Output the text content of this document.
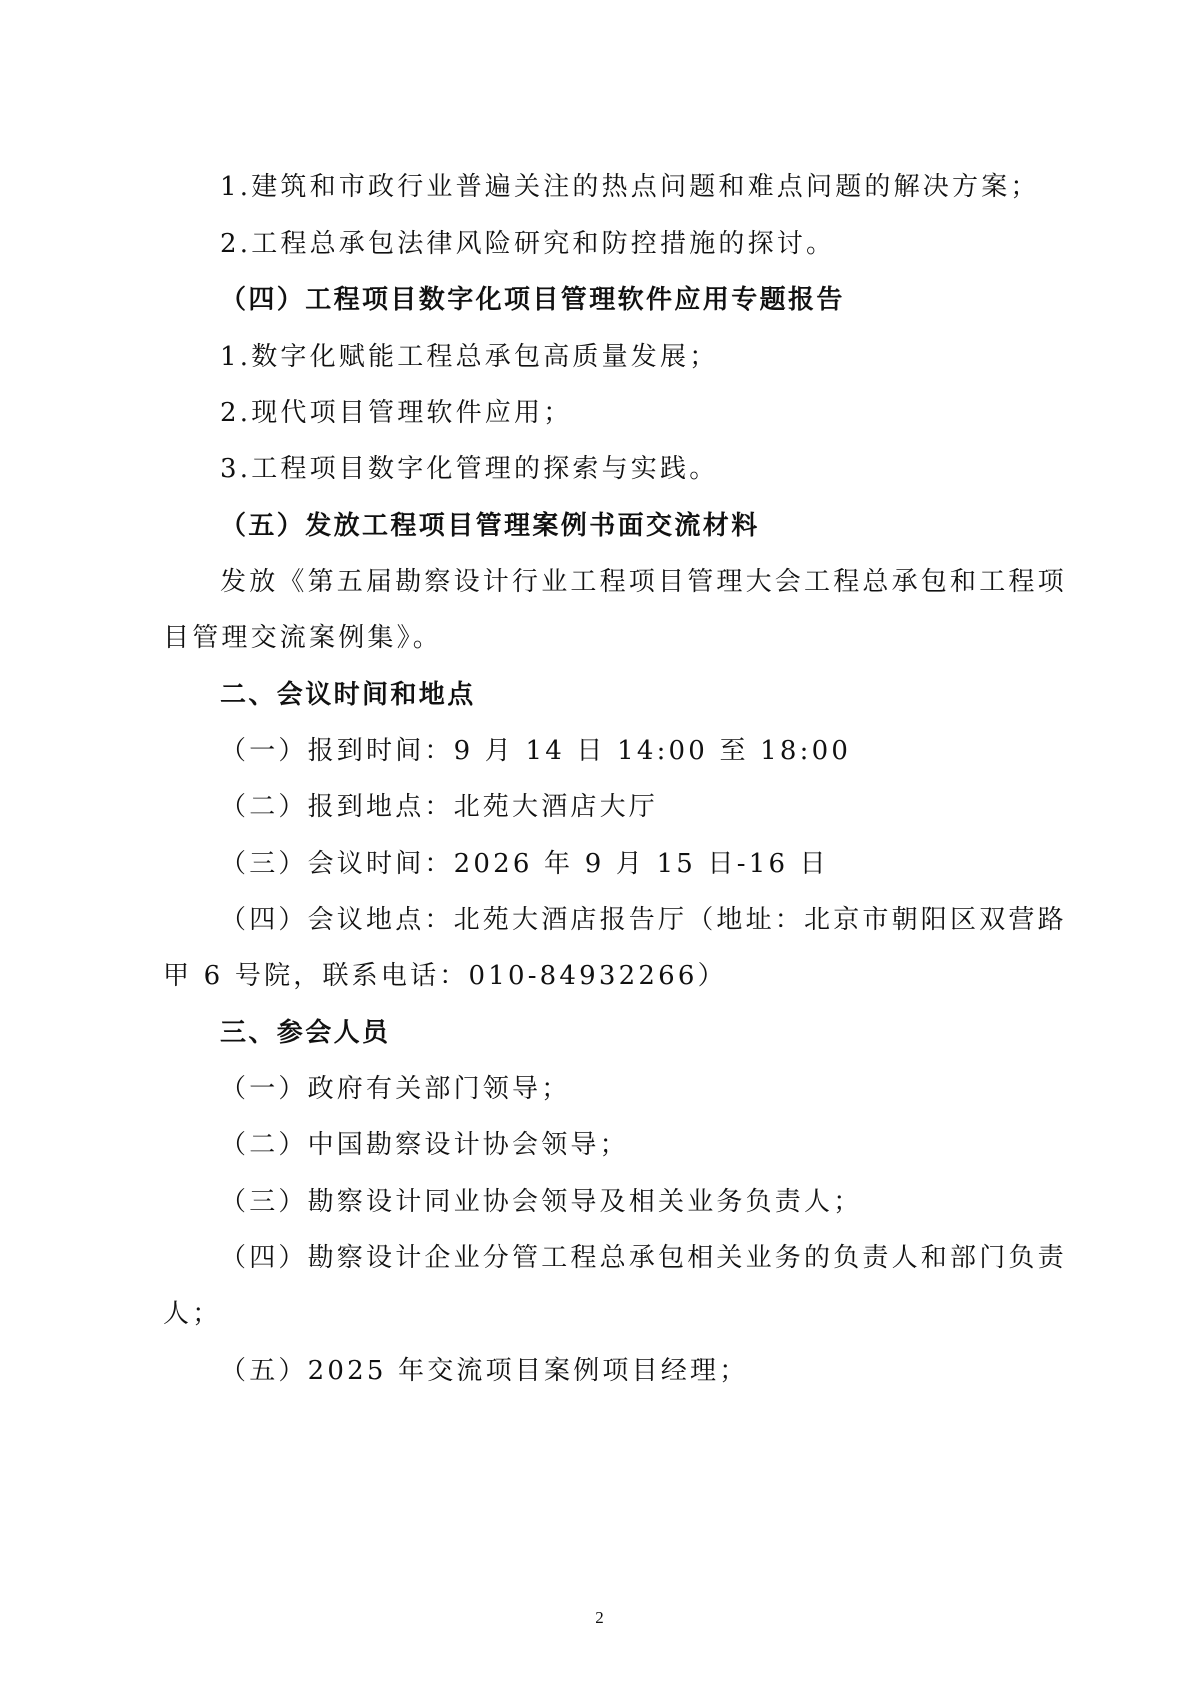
1.建筑和市政行业普遍关注的热点问题和难点问题的解决方案；
2.工程总承包法律风险研究和防控措施的探讨。
（四）工程项目数字化项目管理软件应用专题报告
1.数字化赋能工程总承包高质量发展；
2.现代项目管理软件应用；
3.工程项目数字化管理的探索与实践。
（五）发放工程项目管理案例书面交流材料
发放《第五届勘察设计行业工程项目管理大会工程总承包和工程项
目管理交流案例集》。
二、会议时间和地点
（一）报到时间：9 月 14 日 14:00 至 18:00
（二）报到地点：北苑大酒店大厅
（三）会议时间：2026 年 9 月 15 日-16 日
（四）会议地点：北苑大酒店报告厅（地址：北京市朝阳区双营路
甲 6 号院，联系电话：010-84932266）
三、参会人员
（一）政府有关部门领导；
（二）中国勘察设计协会领导；
（三）勘察设计同业协会领导及相关业务负责人；
（四）勘察设计企业分管工程总承包相关业务的负责人和部门负责
人；
（五）2025 年交流项目案例项目经理；
2
